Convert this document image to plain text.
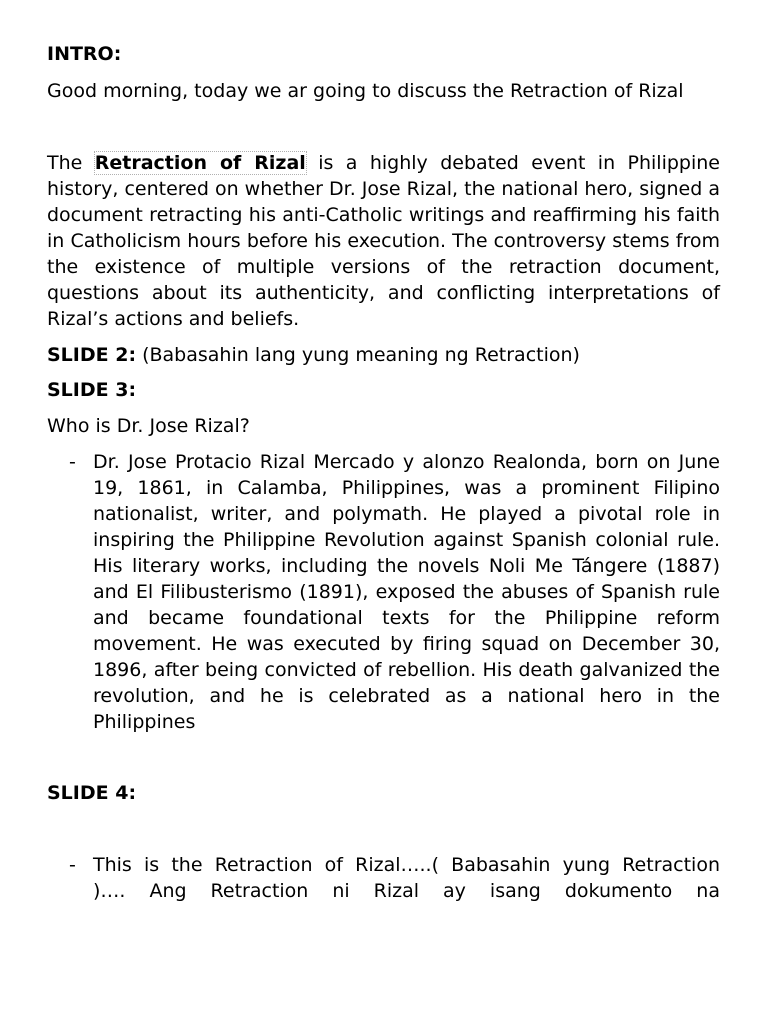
INTRO:

Good morning, today we ar going to discuss the Retraction of Rizal

The Retraction of Rizal is a highly debated event in Philippine history, centered on whether Dr. Jose Rizal, the national hero, signed a document retracting his anti-Catholic writings and reaffirming his faith in Catholicism hours before his execution. The controversy stems from the existence of multiple versions of the retraction document, questions about its authenticity, and conflicting interpretations of Rizal’s actions and beliefs.

SLIDE 2: (Babasahin lang yung meaning ng Retraction)

SLIDE 3:

Who is Dr. Jose Rizal?

- Dr. Jose Protacio Rizal Mercado y alonzo Realonda, born on June 19, 1861, in Calamba, Philippines, was a prominent Filipino nationalist, writer, and polymath. He played a pivotal role in inspiring the Philippine Revolution against Spanish colonial rule. His literary works, including the novels Noli Me Tángere (1887) and El Filibusterismo (1891), exposed the abuses of Spanish rule and became foundational texts for the Philippine reform movement. He was executed by firing squad on December 30, 1896, after being convicted of rebellion. His death galvanized the revolution, and he is celebrated as a national hero in the Philippines

SLIDE 4:

- This is the Retraction of Rizal…..( Babasahin yung Retraction
)…. Ang Retraction ni Rizal ay isang dokumento na
